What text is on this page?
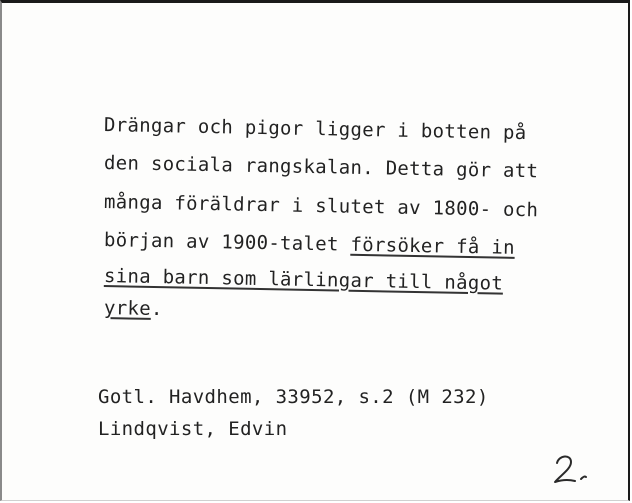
Drängar och pigor ligger i botten på
den sociala rangskalan. Detta gör att
många föräldrar i slutet av 1800- och
början av 1900-talet försöker få in
sina barn som lärlingar till något
yrke.
Gotl. Havdhem, 33952, s.2 (M 232)
Lindqvist, Edvin
